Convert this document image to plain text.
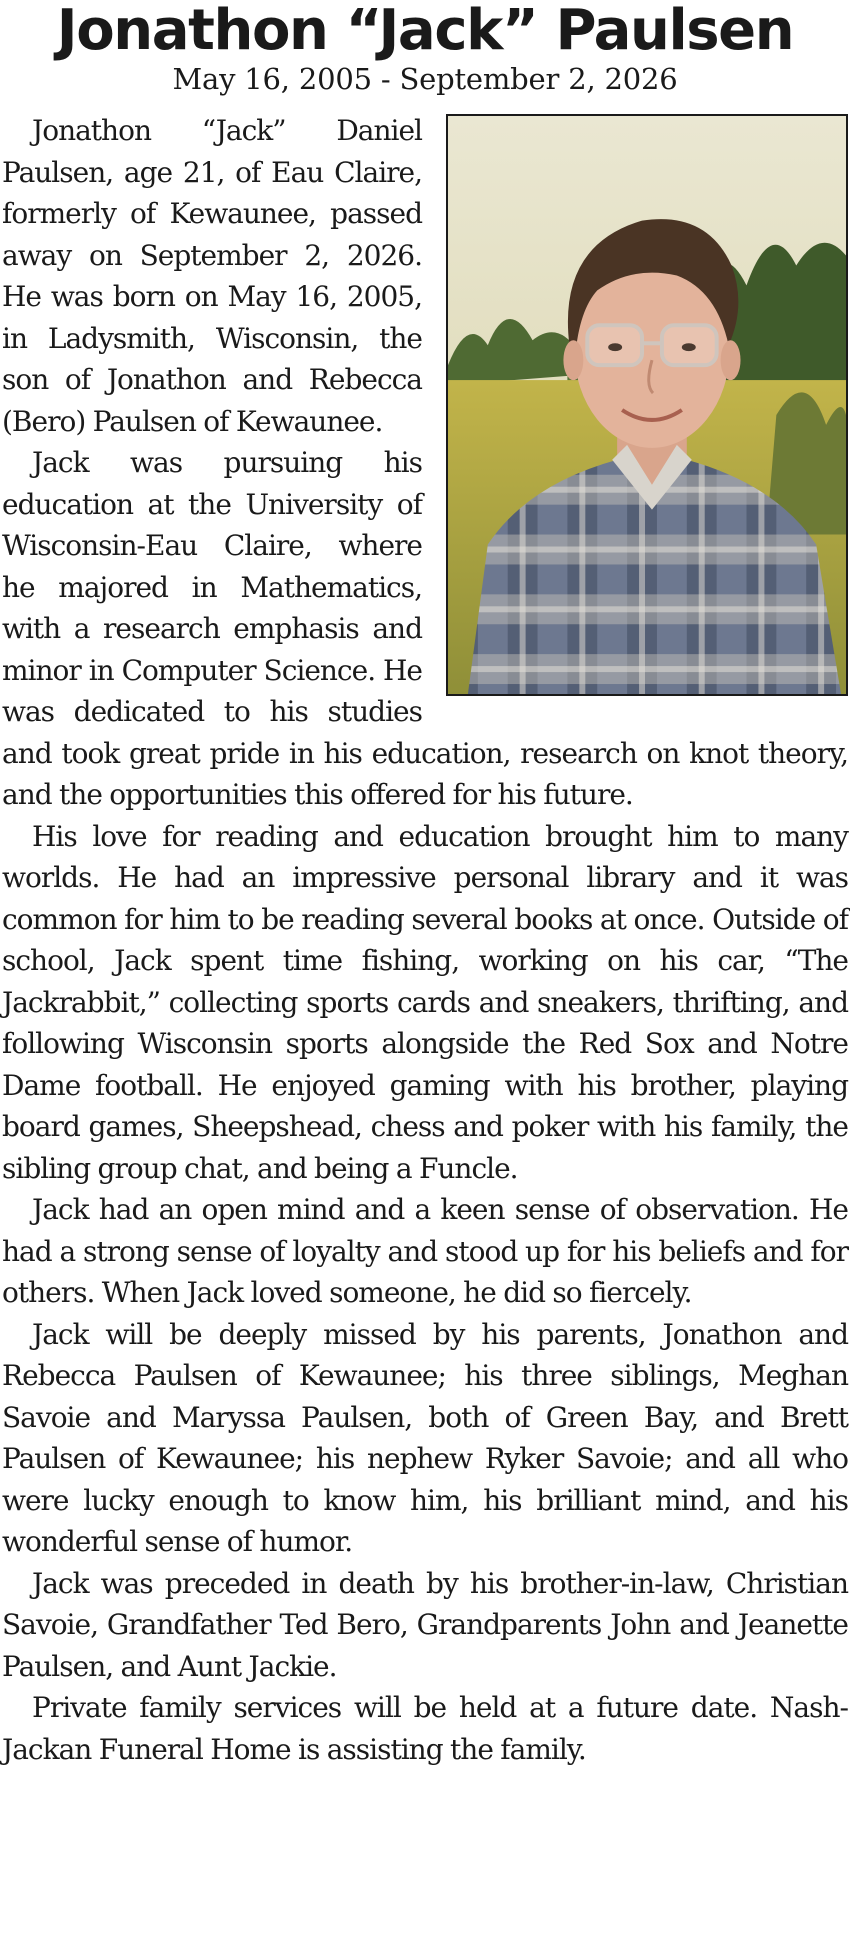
Jonathon “Jack” Paulsen
May 16, 2005 - September 2, 2026

Jonathon “Jack” Daniel Paulsen, age 21, of Eau Claire, formerly of Kewaunee, passed away on September 2, 2026. He was born on May 16, 2005, in Ladysmith, Wisconsin, the son of Jonathon and Rebecca (Bero) Paulsen of Kewaunee.

Jack was pursuing his education at the University of Wisconsin-Eau Claire, where he majored in Mathematics, with a research emphasis and minor in Computer Science. He was dedicated to his studies and took great pride in his education, research on knot theory, and the opportunities this offered for his future.

His love for reading and education brought him to many worlds. He had an impressive personal library and it was common for him to be reading several books at once. Outside of school, Jack spent time fishing, working on his car, “The Jackrabbit,” collecting sports cards and sneakers, thrifting, and following Wisconsin sports alongside the Red Sox and Notre Dame football. He enjoyed gaming with his brother, playing board games, Sheepshead, chess and poker with his family, the sibling group chat, and being a Funcle.

Jack had an open mind and a keen sense of observation. He had a strong sense of loyalty and stood up for his beliefs and for others. When Jack loved someone, he did so fiercely.

Jack will be deeply missed by his parents, Jonathon and Rebecca Paulsen of Kewaunee; his three siblings, Meghan Savoie and Maryssa Paulsen, both of Green Bay, and Brett Paulsen of Kewaunee; his nephew Ryker Savoie; and all who were lucky enough to know him, his brilliant mind, and his wonderful sense of humor.

Jack was preceded in death by his brother-in-law, Christian Savoie, Grandfather Ted Bero, Grandparents John and Jeanette Paulsen, and Aunt Jackie.

Private family services will be held at a future date. Nash-Jackan Funeral Home is assisting the family.
